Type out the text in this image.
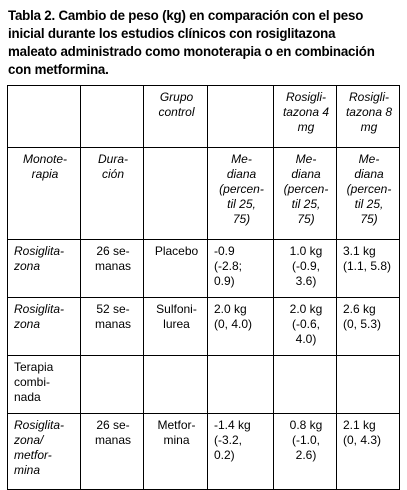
Tabla 2. Cambio de peso (kg) en comparación con el peso inicial durante los estudios clínicos con rosiglitazona maleato administrado como monoterapia o en combinación con metformina.
		Grupo
control		Rosigli-
tazona 4
mg	Rosigli-
tazona 8
mg
Monote-
rapia	Dura-
ción		Me-
diana
(percen-
til 25,
75)	Me-
diana
(percen-
til 25,
75)	Me-
diana
(percen-
til 25,
75)
Rosiglita-
zona	26 se-
manas	Placebo	-0.9
(-2.8;
0.9)	1.0 kg
(-0.9,
3.6)	3.1 kg
(1.1, 5.8)
Rosiglita-
zona	52 se-
manas	Sulfoni-
lurea	2.0 kg
(0, 4.0)	2.0 kg
(-0.6,
4.0)	2.6 kg
(0, 5.3)
Terapia
combi-
nada					
Rosiglita-
zona/
metfor-
mina	26 se-
manas	Metfor-
mina	-1.4 kg
(-3.2,
0.2)	0.8 kg
(-1.0,
2.6)	2.1 kg
(0, 4.3)
